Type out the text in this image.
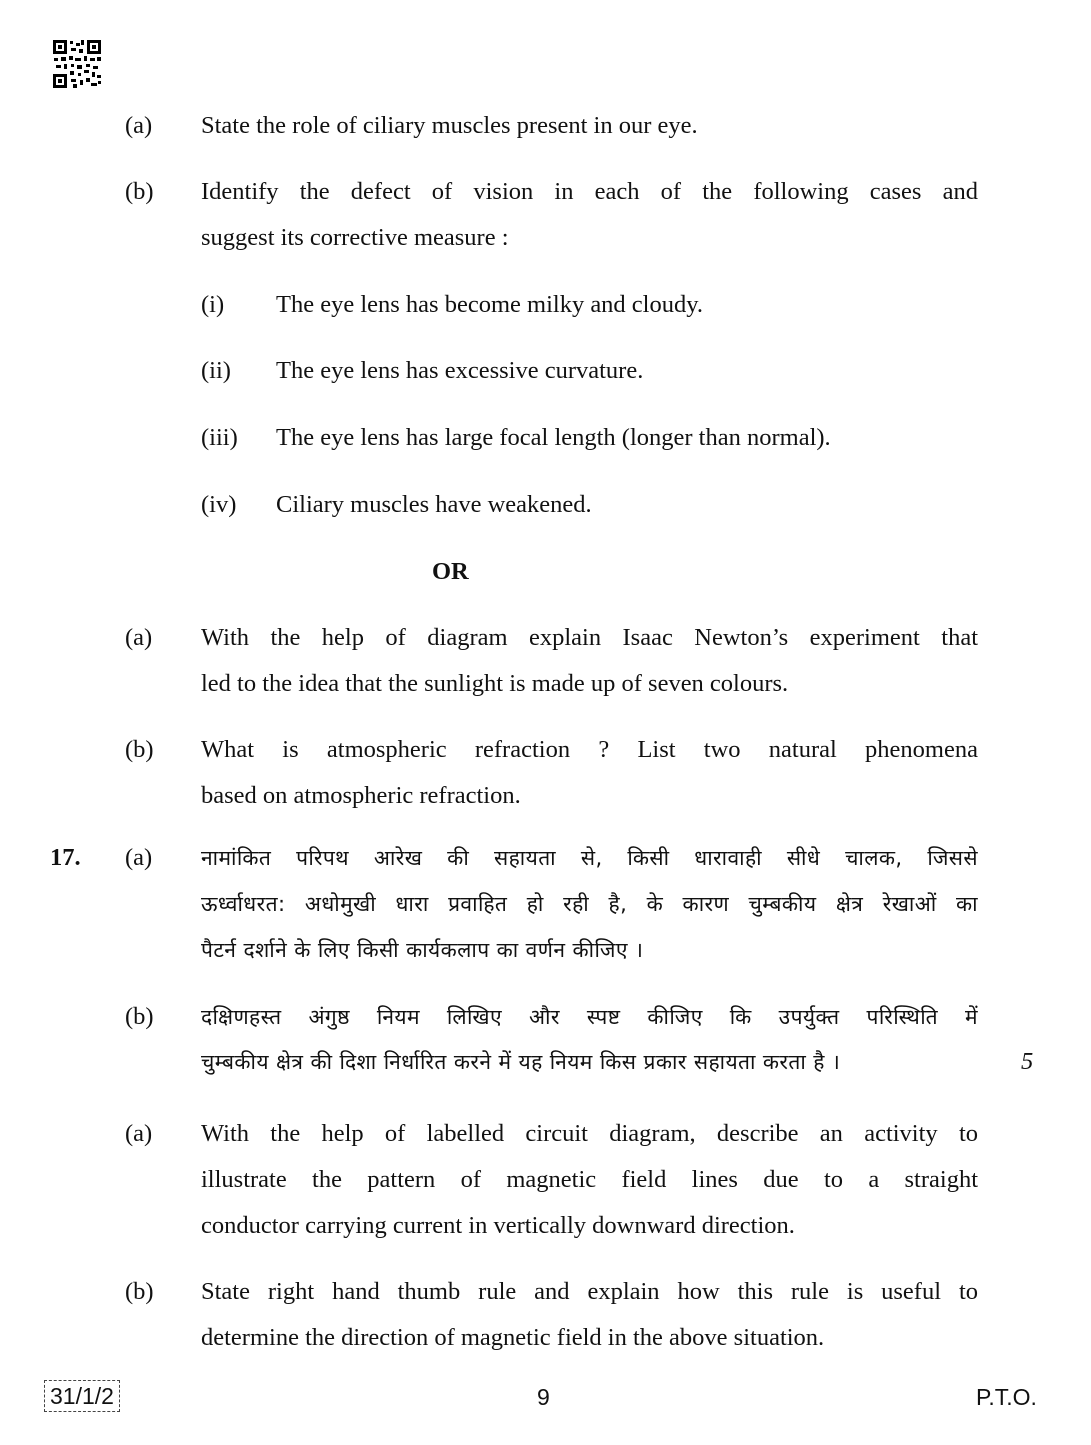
(a) State the role of ciliary muscles present in our eye.
(b) Identify the defect of vision in each of the following cases and
suggest its corrective measure :
(i) The eye lens has become milky and cloudy.
(ii) The eye lens has excessive curvature.
(iii) The eye lens has large focal length (longer than normal).
(iv) Ciliary muscles have weakened.
OR
(a) With the help of diagram explain Isaac Newton’s experiment that
led to the idea that the sunlight is made up of seven colours.
(b) What is atmospheric refraction ? List two natural phenomena
based on atmospheric refraction.
17. (a) नामांकित परिपथ आरेख की सहायता से, किसी धारावाही सीधे चालक, जिससे
ऊर्ध्वाधरत: अधोमुखी धारा प्रवाहित हो रही है, के कारण चुम्बकीय क्षेत्र रेखाओं का
पैटर्न दर्शाने के लिए किसी कार्यकलाप का वर्णन कीजिए ।
(b) दक्षिणहस्त अंगुष्ठ नियम लिखिए और स्पष्ट कीजिए कि उपर्युक्त परिस्थिति में
चुम्बकीय क्षेत्र की दिशा निर्धारित करने में यह नियम किस प्रकार सहायता करता है ।	5
(a) With the help of labelled circuit diagram, describe an activity to
illustrate the pattern of magnetic field lines due to a straight
conductor carrying current in vertically downward direction.
(b) State right hand thumb rule and explain how this rule is useful to
determine the direction of magnetic field in the above situation.
31/1/2	9	P.T.O.
